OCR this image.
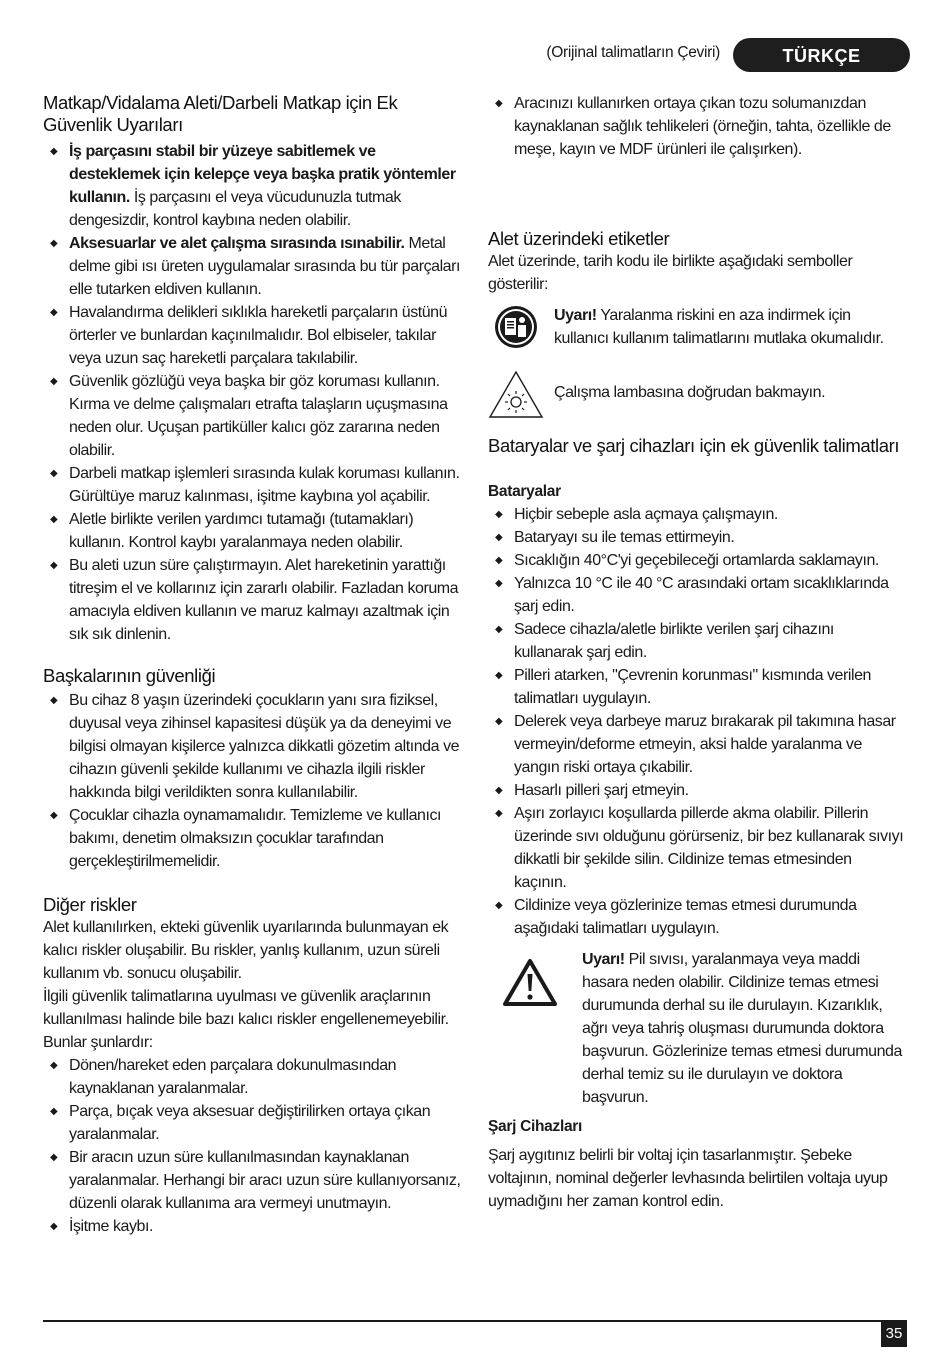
(Orijinal talimatların Çeviri)	TÜRKÇE
Matkap/Vidalama Aleti/Darbeli Matkap için Ek Güvenlik Uyarıları
◆ İş parçasını stabil bir yüzeye sabitlemek ve desteklemek için kelepçe veya başka pratik yöntemler kullanın. İş parçasını el veya vücudunuzla tutmak dengesizdir, kontrol kaybına neden olabilir.
◆ Aksesuarlar ve alet çalışma sırasında ısınabilir. Metal delme gibi ısı üreten uygulamalar sırasında bu tür parçaları elle tutarken eldiven kullanın.
◆ Havalandırma delikleri sıklıkla hareketli parçaların üstünü örterler ve bunlardan kaçınılmalıdır. Bol elbiseler, takılar veya uzun saç hareketli parçalara takılabilir.
◆ Güvenlik gözlüğü veya başka bir göz koruması kullanın. Kırma ve delme çalışmaları etrafta talaşların uçuşmasına neden olur. Uçuşan partiküller kalıcı göz zararına neden olabilir.
◆ Darbeli matkap işlemleri sırasında kulak koruması kullanın. Gürültüye maruz kalınması, işitme kaybına yol açabilir.
◆ Aletle birlikte verilen yardımcı tutamağı (tutamakları) kullanın. Kontrol kaybı yaralanmaya neden olabilir.
◆ Bu aleti uzun süre çalıştırmayın. Alet hareketinin yarattığı titreşim el ve kollarınız için zararlı olabilir. Fazladan koruma amacıyla eldiven kullanın ve maruz kalmayı azaltmak için sık sık dinlenin.
Başkalarının güvenliği
◆ Bu cihaz 8 yaşın üzerindeki çocukların yanı sıra fiziksel, duyusal veya zihinsel kapasitesi düşük ya da deneyimi ve bilgisi olmayan kişilerce yalnızca dikkatli gözetim altında ve cihazın güvenli şekilde kullanımı ve cihazla ilgili riskler hakkında bilgi verildikten sonra kullanılabilir.
◆ Çocuklar cihazla oynamamalıdır. Temizleme ve kullanıcı bakımı, denetim olmaksızın çocuklar tarafından gerçekleştirilmemelidir.
Diğer riskler

Alet kullanılırken, ekteki güvenlik uyarılarında bulunmayan ek kalıcı riskler oluşabilir. Bu riskler, yanlış kullanım, uzun süreli kullanım vb. sonucu oluşabilir.

İlgili güvenlik talimatlarına uyulması ve güvenlik araçlarının kullanılması halinde bile bazı kalıcı riskler engellenemeyebilir. Bunlar şunlardır:

◆ Dönen/hareket eden parçalara dokunulmasından kaynaklanan yaralanmalar.
◆ Parça, bıçak veya aksesuar değiştirilirken ortaya çıkan yaralanmalar.
◆ Bir aracın uzun süre kullanılmasından kaynaklanan yaralanmalar. Herhangi bir aracı uzun süre kullanıyorsanız, düzenli olarak kullanıma ara vermeyi unutmayın.
◆ İşitme kaybı.
◆ Aracınızı kullanırken ortaya çıkan tozu solumanızdan kaynaklanan sağlık tehlikeleri (örneğin, tahta, özellikle de meşe, kayın ve MDF ürünleri ile çalışırken).
Alet üzerindeki etiketler

Alet üzerinde, tarih kodu ile birlikte aşağıdaki semboller gösterilir:

Uyarı! Yaralanma riskini en aza indirmek için kullanıcı kullanım talimatlarını mutlaka okumalıdır.

Çalışma lambasına doğrudan bakmayın.

Bataryalar ve şarj cihazları için ek güvenlik talimatları
Bataryalar
◆ Hiçbir sebeple asla açmaya çalışmayın.
◆ Bataryayı su ile temas ettirmeyin.
◆ Sıcaklığın 40°C'yi geçebileceği ortamlarda saklamayın.
◆ Yalnızca 10 °C ile 40 °C arasındaki ortam sıcaklıklarında şarj edin.
◆ Sadece cihazla/aletle birlikte verilen şarj cihazını kullanarak şarj edin.
◆ Pilleri atarken, "Çevrenin korunması" kısmında verilen talimatları uygulayın.
◆ Delerek veya darbeye maruz bırakarak pil takımına hasar vermeyin/deforme etmeyin, aksi halde yaralanma ve yangın riski ortaya çıkabilir.
◆ Hasarlı pilleri şarj etmeyin.
◆ Aşırı zorlayıcı koşullarda pillerde akma olabilir. Pillerin üzerinde sıvı olduğunu görürseniz, bir bez kullanarak sıvıyı dikkatli bir şekilde silin. Cildinize temas etmesinden kaçının.
◆ Cildinize veya gözlerinize temas etmesi durumunda aşağıdaki talimatları uygulayın.

Uyarı! Pil sıvısı, yaralanmaya veya maddi hasara neden olabilir. Cildinize temas etmesi durumunda derhal su ile durulayın. Kızarıklık, ağrı veya tahriş oluşması durumunda doktora başvurun. Gözlerinize temas etmesi durumunda derhal temiz su ile durulayın ve doktora başvurun.

Şarj Cihazları

Şarj aygıtınız belirli bir voltaj için tasarlanmıştır. Şebeke voltajının, nominal değerler levhasında belirtilen voltaja uyup uymadığını her zaman kontrol edin.

35
